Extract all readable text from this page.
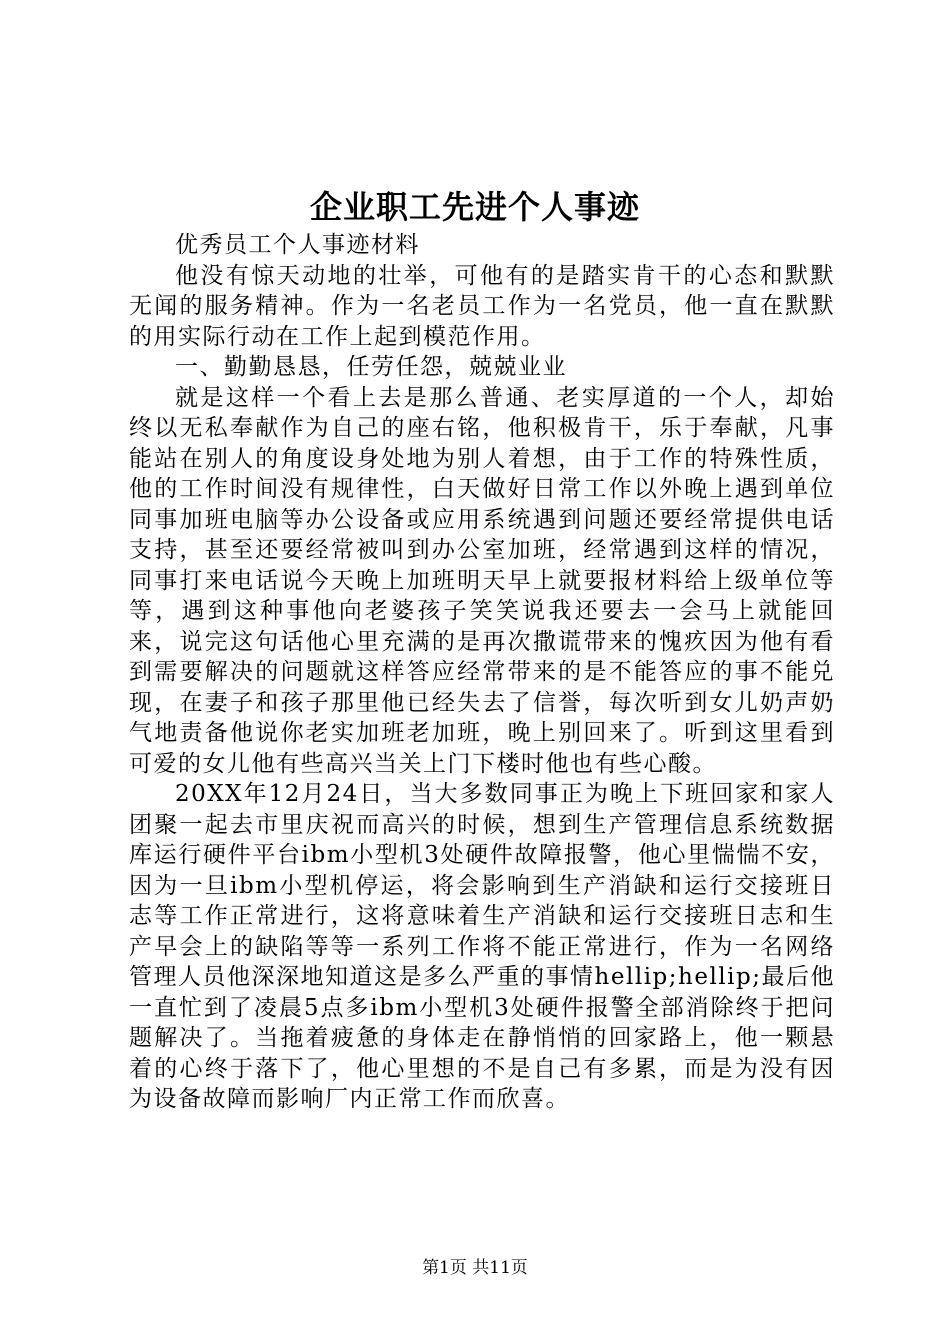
企业职工先进个人事迹

优秀员工个人事迹材料

他没有惊天动地的壮举，可他有的是踏实肯干的心态和默默无闻的服务精神。作为一名老员工作为一名党员，他一直在默默的用实际行动在工作上起到模范作用。

一、勤勤恳恳，任劳任怨，兢兢业业

就是这样一个看上去是那么普通、老实厚道的一个人，却始终以无私奉献作为自己的座右铭，他积极肯干，乐于奉献，凡事能站在别人的角度设身处地为别人着想，由于工作的特殊性质，他的工作时间没有规律性，白天做好日常工作以外晚上遇到单位同事加班电脑等办公设备或应用系统遇到问题还要经常提供电话支持，甚至还要经常被叫到办公室加班，经常遇到这样的情况，同事打来电话说今天晚上加班明天早上就要报材料给上级单位等等，遇到这种事他向老婆孩子笑笑说我还要去一会马上就能回来，说完这句话他心里充满的是再次撒谎带来的愧疚因为他有看到需要解决的问题就这样答应经常带来的是不能答应的事不能兑现，在妻子和孩子那里他已经失去了信誉，每次听到女儿奶声奶气地责备他说你老实加班老加班，晚上别回来了。听到这里看到可爱的女儿他有些高兴当关上门下楼时他也有些心酸。

20XX年12月24日，当大多数同事正为晚上下班回家和家人团聚一起去市里庆祝而高兴的时候，想到生产管理信息系统数据库运行硬件平台ibm小型机3处硬件故障报警，他心里惴惴不安，因为一旦ibm小型机停运，将会影响到生产消缺和运行交接班日志等工作正常进行，这将意味着生产消缺和运行交接班日志和生产早会上的缺陷等等一系列工作将不能正常进行，作为一名网络管理人员他深深地知道这是多么严重的事情hellip;hellip;最后他一直忙到了凌晨5点多ibm小型机3处硬件报警全部消除终于把问题解决了。当拖着疲惫的身体走在静悄悄的回家路上，他一颗悬着的心终于落下了，他心里想的不是自己有多累，而是为没有因为设备故障而影响厂内正常工作而欣喜。

第1页 共11页
